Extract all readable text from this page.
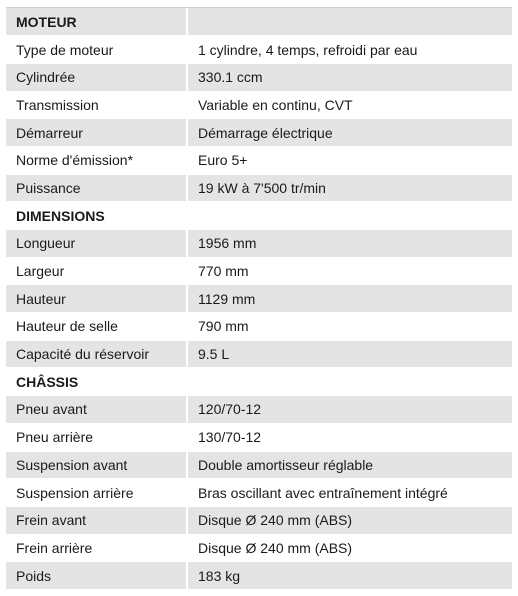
MOTEUR	
Type de moteur	1 cylindre, 4 temps, refroidi par eau
Cylindrée	330.1 ccm
Transmission	Variable en continu, CVT
Démarreur	Démarrage électrique
Norme d'émission*	Euro 5+
Puissance	19 kW à 7'500 tr/min
DIMENSIONS	
Longueur	1956 mm
Largeur	770 mm
Hauteur	1129 mm
Hauteur de selle	790 mm
Capacité du réservoir	9.5 L
CHÂSSIS	
Pneu avant	120/70-12
Pneu arrière	130/70-12
Suspension avant	Double amortisseur réglable
Suspension arrière	Bras oscillant avec entraînement intégré
Frein avant	Disque Ø 240 mm (ABS)
Frein arrière	Disque Ø 240 mm (ABS)
Poids	183 kg
